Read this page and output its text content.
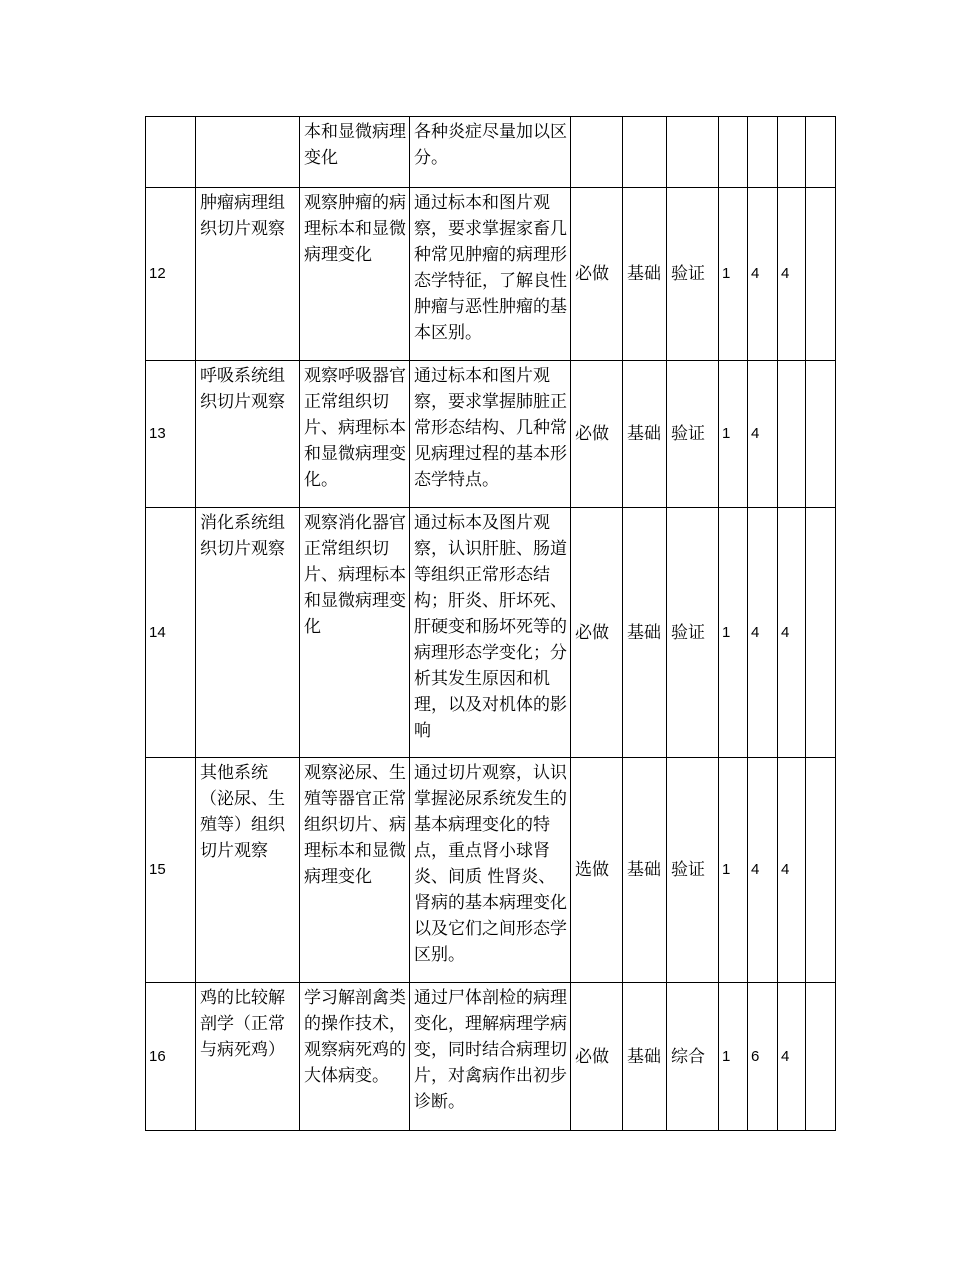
		本和显微病理变化	各种炎症尽量加以区分。							
12	肿瘤病理组织切片观察	观察肿瘤的病理标本和显微病理变化	通过标本和图片观察，要求掌握家畜几种常见肿瘤的病理形态学特征，了解良性肿瘤与恶性肿瘤的基本区别。	必做	基础	验证	1	4	4	
13	呼吸系统组织切片观察	观察呼吸器官正常组织切片、病理标本和显微病理变化。	通过标本和图片观察，要求掌握肺脏正常形态结构、几种常见病理过程的基本形态学特点。	必做	基础	验证	1	4		
14	消化系统组织切片观察	观察消化器官正常组织切片、病理标本和显微病理变化	通过标本及图片观察，认识肝脏、肠道等组织正常形态结构；肝炎、肝坏死、肝硬变和肠坏死等的病理形态学变化；分析其发生原因和机理，以及对机体的影响	必做	基础	验证	1	4	4	
15	其他系统（泌尿、生殖等）组织切片观察	观察泌尿、生殖等器官正常组织切片、病理标本和显微病理变化	通过切片观察，认识掌握泌尿系统发生的基本病理变化的特点，重点肾小球肾炎、间质 性肾炎、肾病的基本病理变化以及它们之间形态学区别。	选做	基础	验证	1	4	4	
16	鸡的比较解剖学（正常与病死鸡）	学习解剖禽类的操作技术，观察病死鸡的大体病变。	通过尸体剖检的病理变化，理解病理学病变，同时结合病理切片，对禽病作出初步诊断。	必做	基础	综合	1	6	4	
